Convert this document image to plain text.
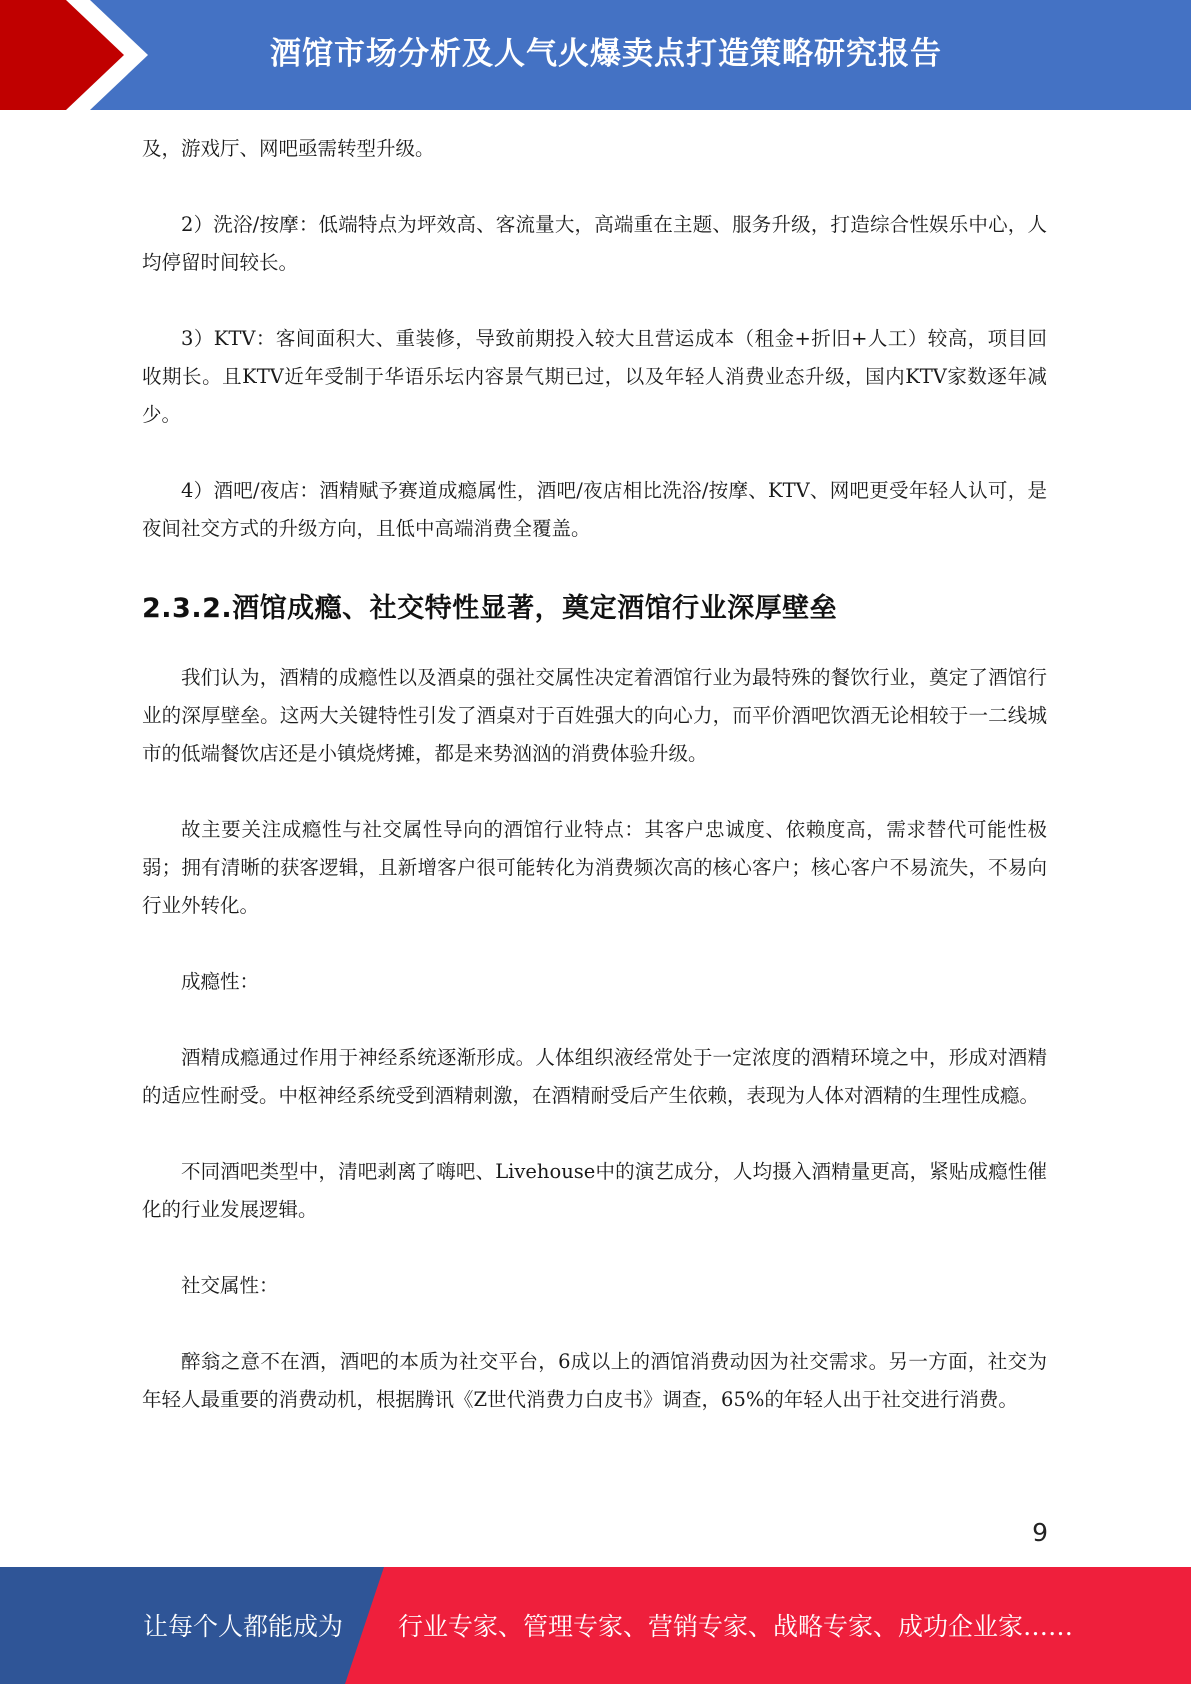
酒馆市场分析及人气火爆卖点打造策略研究报告

及，游戏厅、网吧亟需转型升级。

2）洗浴/按摩：低端特点为坪效高、客流量大，高端重在主题、服务升级，打造综合性娱乐中心，人均停留时间较长。

3）KTV：客间面积大、重装修，导致前期投入较大且营运成本（租金+折旧+人工）较高，项目回收期长。且KTV近年受制于华语乐坛内容景气期已过，以及年轻人消费业态升级，国内KTV家数逐年减少。

4）酒吧/夜店：酒精赋予赛道成瘾属性，酒吧/夜店相比洗浴/按摩、KTV、网吧更受年轻人认可，是夜间社交方式的升级方向，且低中高端消费全覆盖。

2.3.2.酒馆成瘾、社交特性显著，奠定酒馆行业深厚壁垒

我们认为，酒精的成瘾性以及酒桌的强社交属性决定着酒馆行业为最特殊的餐饮行业，奠定了酒馆行业的深厚壁垒。这两大关键特性引发了酒桌对于百姓强大的向心力，而平价酒吧饮酒无论相较于一二线城市的低端餐饮店还是小镇烧烤摊，都是来势汹汹的消费体验升级。

故主要关注成瘾性与社交属性导向的酒馆行业特点：其客户忠诚度、依赖度高，需求替代可能性极弱；拥有清晰的获客逻辑，且新增客户很可能转化为消费频次高的核心客户；核心客户不易流失，不易向行业外转化。

成瘾性：

酒精成瘾通过作用于神经系统逐渐形成。人体组织液经常处于一定浓度的酒精环境之中，形成对酒精的适应性耐受。中枢神经系统受到酒精刺激，在酒精耐受后产生依赖，表现为人体对酒精的生理性成瘾。

不同酒吧类型中，清吧剥离了嗨吧、Livehouse中的演艺成分，人均摄入酒精量更高，紧贴成瘾性催化的行业发展逻辑。

社交属性：

醉翁之意不在酒，酒吧的本质为社交平台，6成以上的酒馆消费动因为社交需求。另一方面，社交为年轻人最重要的消费动机，根据腾讯《Z世代消费力白皮书》调查，65%的年轻人出于社交进行消费。

9
让每个人都能成为 行业专家、管理专家、营销专家、战略专家、成功企业家……
